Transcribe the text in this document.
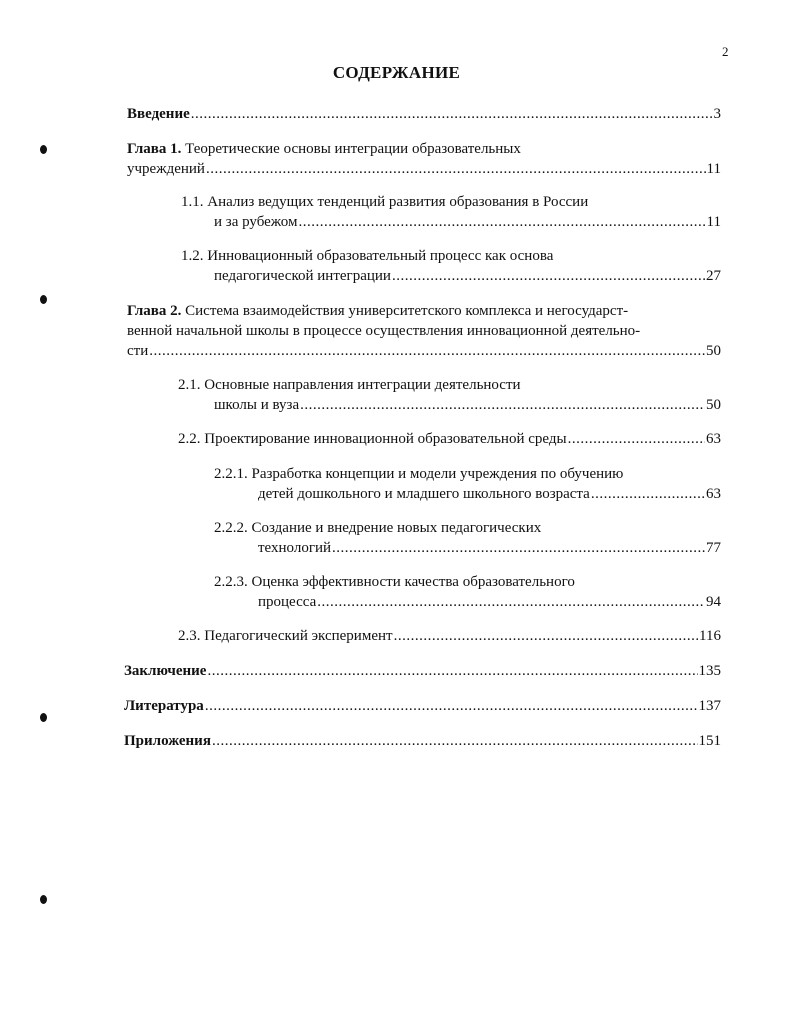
2
СОДЕРЖАНИЕ
Введение .....	3
Глава 1. Теоретические основы интеграции образовательных
учреждений .....	11
1.1. Анализ ведущих тенденций развития образования в России
и за рубежом .....	11
1.2. Инновационный образовательный процесс как основа
педагогической интеграции .....	27
Глава 2. Система взаимодействия университетского комплекса и негосударст-
венной начальной школы в процессе осуществления инновационной деятельно-
сти .....	50
2.1. Основные направления интеграции деятельности
школы и вуза .....	50
2.2. Проектирование инновационной образовательной среды .....	63
2.2.1. Разработка концепции и модели учреждения по обучению
детей дошкольного и младшего школьного возраста .....	63
2.2.2. Создание и внедрение новых педагогических
технологий .....	77
2.2.3. Оценка эффективности качества образовательного
процесса .....	94
2.3. Педагогический эксперимент .....	116
Заключение .....	135
Литература .....	137
Приложения .....	151
